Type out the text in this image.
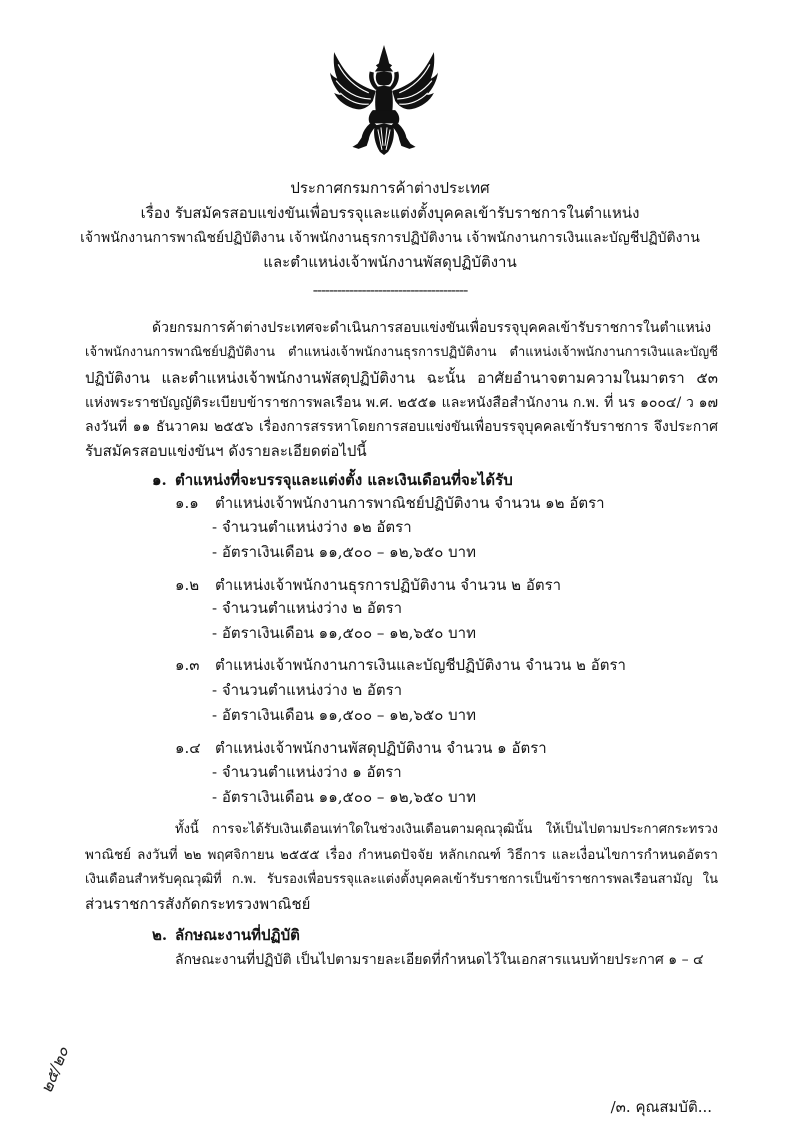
ประกาศกรมการค้าต่างประเทศ
เรื่อง รับสมัครสอบแข่งขันเพื่อบรรจุและแต่งตั้งบุคคลเข้ารับราชการในตำแหน่ง
เจ้าพนักงานการพาณิชย์ปฏิบัติงาน เจ้าพนักงานธุรการปฏิบัติงาน เจ้าพนักงานการเงินและบัญชีปฏิบัติงาน
และตำแหน่งเจ้าพนักงานพัสดุปฏิบัติงาน
--------------------------------------
ด้วยกรมการค้าต่างประเทศจะดำเนินการสอบแข่งขันเพื่อบรรจุบุคคลเข้ารับราชการในตำแหน่ง
เจ้าพนักงานการพาณิชย์ปฏิบัติงาน ตำแหน่งเจ้าพนักงานธุรการปฏิบัติงาน ตำแหน่งเจ้าพนักงานการเงินและบัญชี
ปฏิบัติงาน และตำแหน่งเจ้าพนักงานพัสดุปฏิบัติงาน ฉะนั้น อาศัยอำนาจตามความในมาตรา ๕๓
แห่งพระราชบัญญัติระเบียบข้าราชการพลเรือน พ.ศ. ๒๕๕๑ และหนังสือสำนักงาน ก.พ. ที่ นร ๑๐๐๔/ ว ๑๗
ลงวันที่ ๑๑ ธันวาคม ๒๕๕๖ เรื่องการสรรหาโดยการสอบแข่งขันเพื่อบรรจุบุคคลเข้ารับราชการ จึงประกาศ
รับสมัครสอบแข่งขันฯ ดังรายละเอียดต่อไปนี้
๑. ตำแหน่งที่จะบรรจุและแต่งตั้ง และเงินเดือนที่จะได้รับ
๑.๑ ตำแหน่งเจ้าพนักงานการพาณิชย์ปฏิบัติงาน จำนวน ๑๒ อัตรา
- จำนวนตำแหน่งว่าง ๑๒ อัตรา
- อัตราเงินเดือน ๑๑,๕๐๐ – ๑๒,๖๕๐ บาท
๑.๒ ตำแหน่งเจ้าพนักงานธุรการปฏิบัติงาน จำนวน ๒ อัตรา
- จำนวนตำแหน่งว่าง ๒ อัตรา
- อัตราเงินเดือน ๑๑,๕๐๐ – ๑๒,๖๕๐ บาท
๑.๓ ตำแหน่งเจ้าพนักงานการเงินและบัญชีปฏิบัติงาน จำนวน ๒ อัตรา
- จำนวนตำแหน่งว่าง ๒ อัตรา
- อัตราเงินเดือน ๑๑,๕๐๐ – ๑๒,๖๕๐ บาท
๑.๔ ตำแหน่งเจ้าพนักงานพัสดุปฏิบัติงาน จำนวน ๑ อัตรา
- จำนวนตำแหน่งว่าง ๑ อัตรา
- อัตราเงินเดือน ๑๑,๕๐๐ – ๑๒,๖๕๐ บาท
ทั้งนี้ การจะได้รับเงินเดือนเท่าใดในช่วงเงินเดือนตามคุณวุฒินั้น ให้เป็นไปตามประกาศกระทรวง
พาณิชย์ ลงวันที่ ๒๒ พฤศจิกายน ๒๕๕๕ เรื่อง กำหนดปัจจัย หลักเกณฑ์ วิธีการ และเงื่อนไขการกำหนดอัตรา
เงินเดือนสำหรับคุณวุฒิที่ ก.พ. รับรองเพื่อบรรจุและแต่งตั้งบุคคลเข้ารับราชการเป็นข้าราชการพลเรือนสามัญ ใน
ส่วนราชการสังกัดกระทรวงพาณิชย์
๒. ลักษณะงานที่ปฏิบัติ
ลักษณะงานที่ปฏิบัติ เป็นไปตามรายละเอียดที่กำหนดไว้ในเอกสารแนบท้ายประกาศ ๑ – ๔
๒๕/๒๐
/๓. คุณสมบัติ...
